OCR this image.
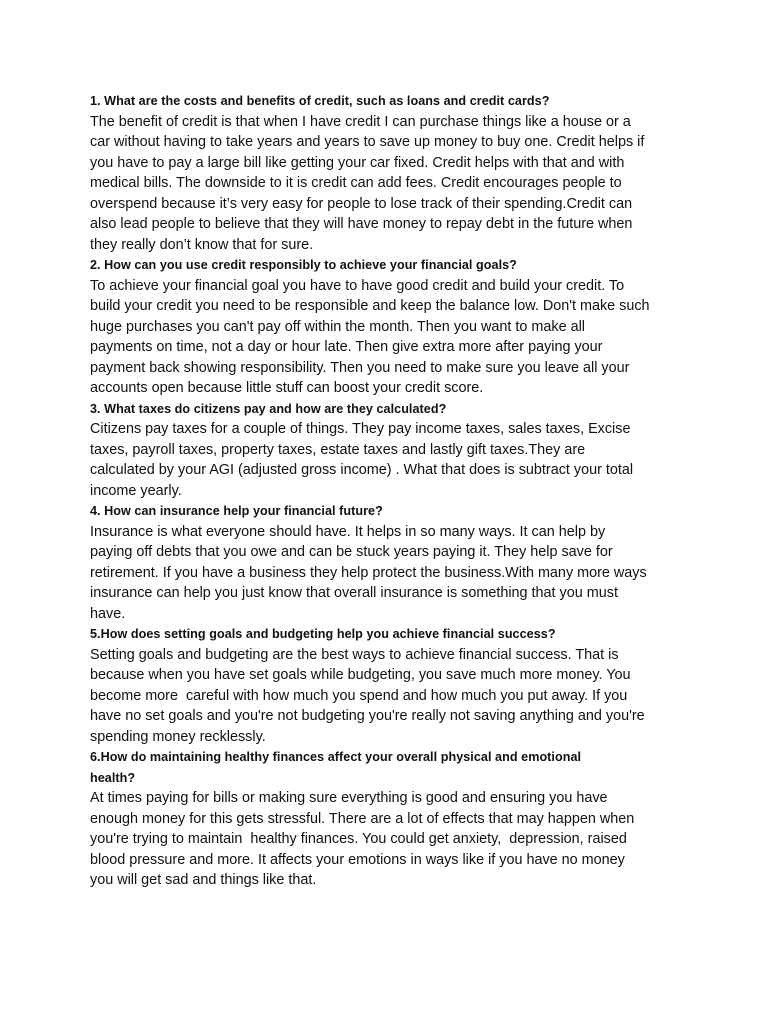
1. What are the costs and benefits of credit, such as loans and credit cards?

The benefit of credit is that when I have credit I can purchase things like a house or a
car without having to take years and years to save up money to buy one. Credit helps if
you have to pay a large bill like getting your car fixed. Credit helps with that and with
medical bills. The downside to it is credit can add fees. Credit encourages people to
overspend because it’s very easy for people to lose track of their spending.Credit can
also lead people to believe that they will have money to repay debt in the future when
they really don’t know that for sure.

2. How can you use credit responsibly to achieve your financial goals?

To achieve your financial goal you have to have good credit and build your credit. To
build your credit you need to be responsible and keep the balance low. Don't make such
huge purchases you can't pay off within the month. Then you want to make all
payments on time, not a day or hour late. Then give extra more after paying your
payment back showing responsibility. Then you need to make sure you leave all your
accounts open because little stuff can boost your credit score.

3. What taxes do citizens pay and how are they calculated?

Citizens pay taxes for a couple of things. They pay income taxes, sales taxes, Excise
taxes, payroll taxes, property taxes, estate taxes and lastly gift taxes.They are
calculated by your AGI (adjusted gross income) . What that does is subtract your total
income yearly.

4. How can insurance help your financial future?

Insurance is what everyone should have. It helps in so many ways. It can help by
paying off debts that you owe and can be stuck years paying it. They help save for
retirement. If you have a business they help protect the business.With many more ways
insurance can help you just know that overall insurance is something that you must
have.

5.How does setting goals and budgeting help you achieve financial success?

Setting goals and budgeting are the best ways to achieve financial success. That is
because when you have set goals while budgeting, you save much more money. You
become more  careful with how much you spend and how much you put away. If you
have no set goals and you're not budgeting you're really not saving anything and you're
spending money recklessly.

6.How do maintaining healthy finances affect your overall physical and emotional
health?

At times paying for bills or making sure everything is good and ensuring you have
enough money for this gets stressful. There are a lot of effects that may happen when
you're trying to maintain  healthy finances. You could get anxiety,  depression, raised
blood pressure and more. It affects your emotions in ways like if you have no money
you will get sad and things like that.
